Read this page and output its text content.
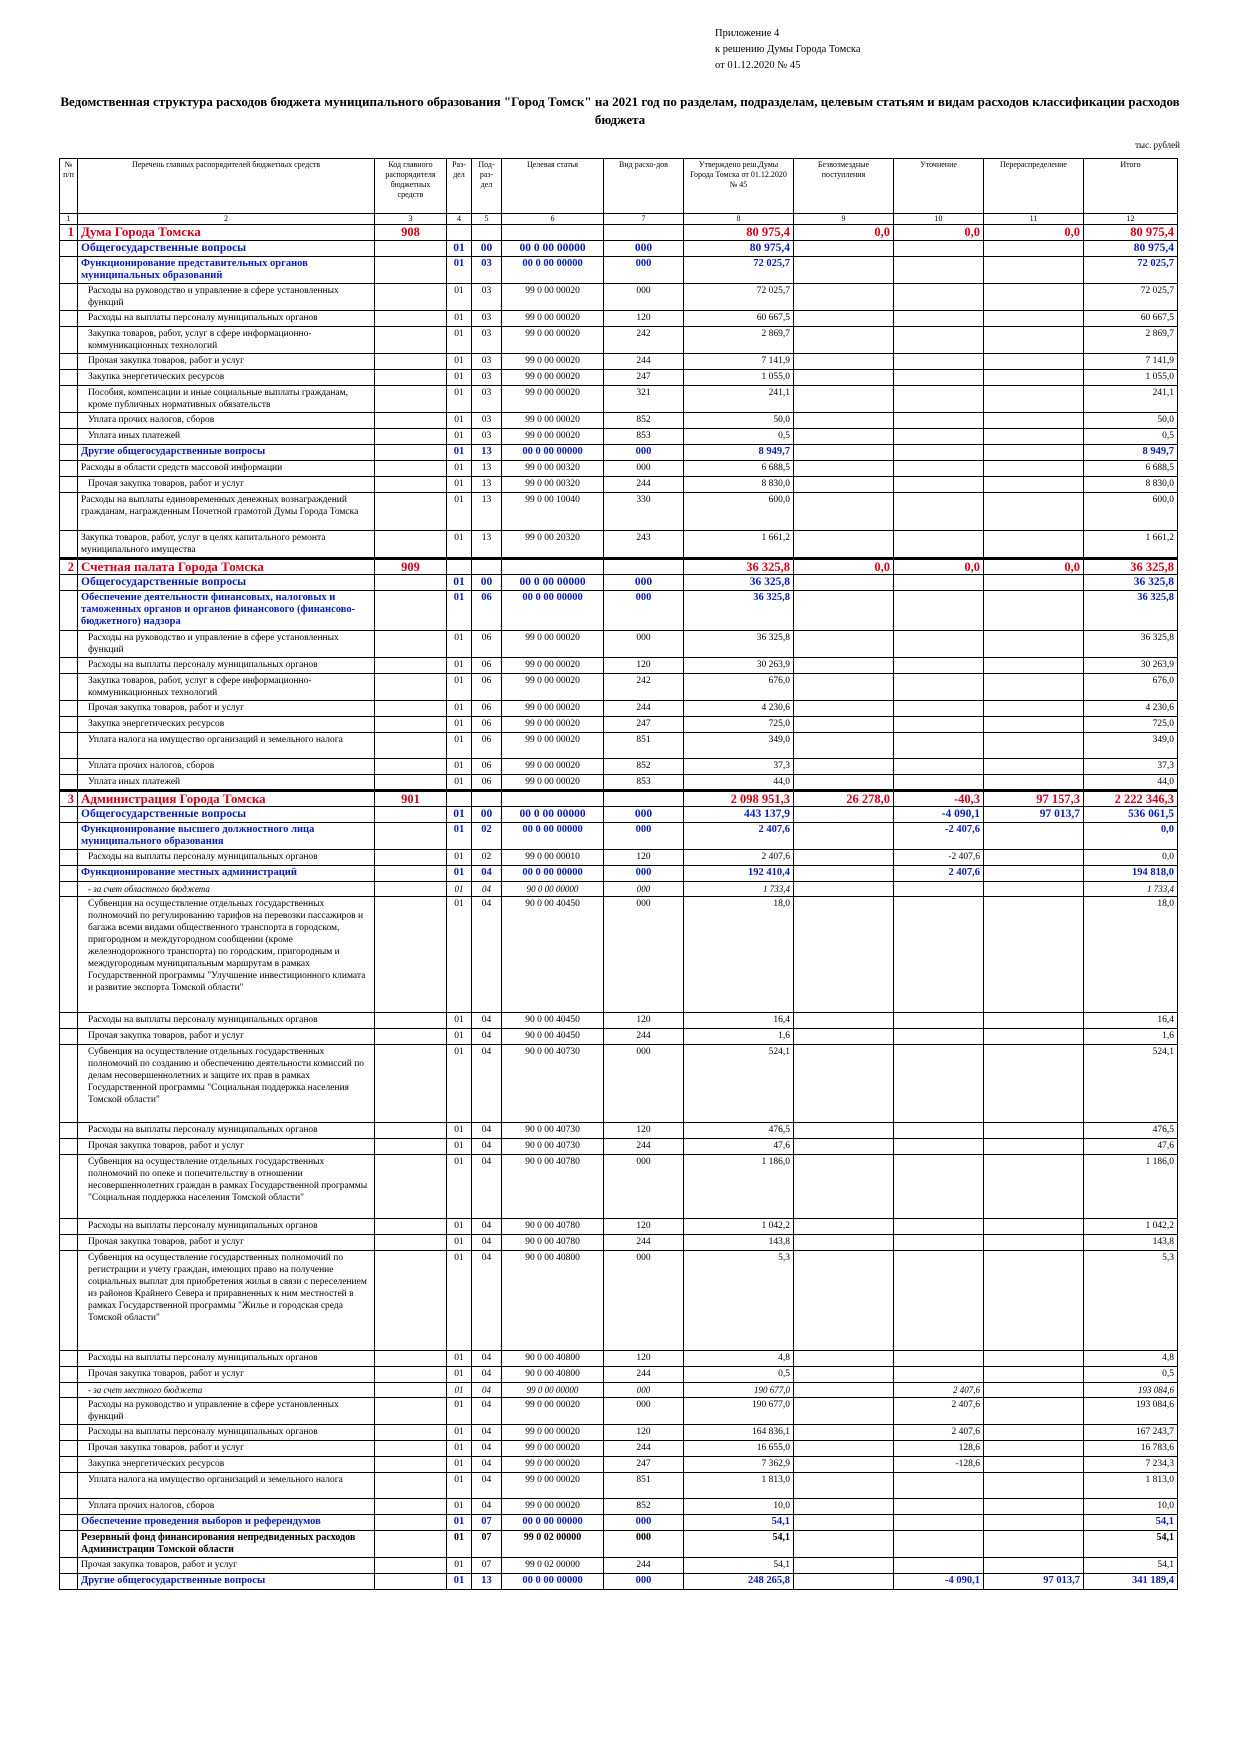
Приложение 4
к решению Думы Города Томска
от 01.12.2020 № 45
Ведомственная структура расходов бюджета муниципального образования "Город Томск" на 2021 год по разделам, подразделам, целевым статьям и видам расходов классификации расходов бюджета
тыс. рублей
№ п/п	Перечень главных распорядителей бюджетных средств	Код главного распорядителя бюджетных средств	Раз-дел	Под-раз-дел	Целевая статья	Вид расхо-дов	Утверждено реш.Думы Города Томска от 01.12.2020 № 45	Безвозмездные поступления	Уточнение	Перераспределение	Итого
1	2	3	4	5	6	7	8	9	10	11	12
1	Дума Города Томска	908					80 975,4	0,0	0,0	0,0	80 975,4
	Общегосударственные вопросы		01	00	00 0 00 00000	000	80 975,4				80 975,4
	Функционирование представительных органов муниципальных образований		01	03	00 0 00 00000	000	72 025,7				72 025,7
	Расходы на руководство и управление в сфере установленных функций		01	03	99 0 00 00020	000	72 025,7				72 025,7
	Расходы на выплаты персоналу муниципальных органов		01	03	99 0 00 00020	120	60 667,5				60 667,5
	Закупка товаров, работ, услуг в сфере информационно-коммуникационных технологий		01	03	99 0 00 00020	242	2 869,7				2 869,7
	Прочая закупка товаров, работ и услуг		01	03	99 0 00 00020	244	7 141,9				7 141,9
	Закупка энергетических ресурсов		01	03	99 0 00 00020	247	1 055,0				1 055,0
	Пособия, компенсации и иные социальные выплаты гражданам, кроме публичных нормативных обязательств		01	03	99 0 00 00020	321	241,1				241,1
	Уплата прочих налогов, сборов		01	03	99 0 00 00020	852	50,0				50,0
	Уплата иных платежей		01	03	99 0 00 00020	853	0,5				0,5
	Другие общегосударственные вопросы		01	13	00 0 00 00000	000	8 949,7				8 949,7
	Расходы в области средств массовой информации		01	13	99 0 00 00320	000	6 688,5				6 688,5
	Прочая закупка товаров, работ и услуг		01	13	99 0 00 00320	244	8 830,0				8 830,0
	Расходы на выплаты единовременных денежных вознаграждений гражданам, награжденным Почетной грамотой Думы Города Томска		01	13	99 0 00 10040	330	600,0				600,0
	Закупка товаров, работ, услуг в целях капитального ремонта муниципального имущества		01	13	99 0 00 20320	243	1 661,2				1 661,2
2	Счетная палата Города Томска	909					36 325,8	0,0	0,0	0,0	36 325,8
	Общегосударственные вопросы		01	00	00 0 00 00000	000	36 325,8				36 325,8
	Обеспечение деятельности финансовых, налоговых и таможенных органов и органов финансового (финансово-бюджетного) надзора		01	06	00 0 00 00000	000	36 325,8				36 325,8
	Расходы на руководство и управление в сфере установленных функций		01	06	99 0 00 00020	000	36 325,8				36 325,8
	Расходы на выплаты персоналу муниципальных органов		01	06	99 0 00 00020	120	30 263,9				30 263,9
	Закупка товаров, работ, услуг в сфере информационно-коммуникационных технологий		01	06	99 0 00 00020	242	676,0				676,0
	Прочая закупка товаров, работ и услуг		01	06	99 0 00 00020	244	4 230,6				4 230,6
	Закупка энергетических ресурсов		01	06	99 0 00 00020	247	725,0				725,0
	Уплата налога на имущество организаций и земельного налога		01	06	99 0 00 00020	851	349,0				349,0
	Уплата прочих налогов, сборов		01	06	99 0 00 00020	852	37,3				37,3
	Уплата иных платежей		01	06	99 0 00 00020	853	44,0				44,0
3	Администрация Города Томска	901					2 098 951,3	26 278,0	-40,3	97 157,3	2 222 346,3
	Общегосударственные вопросы		01	00	00 0 00 00000	000	443 137,9		-4 090,1	97 013,7	536 061,5
	Функционирование высшего должностного лица муниципального образования		01	02	00 0 00 00000	000	2 407,6		-2 407,6		0,0
	Расходы на выплаты персоналу муниципальных органов		01	02	99 0 00 00010	120	2 407,6		-2 407,6		0,0
	Функционирование местных администраций		01	04	00 0 00 00000	000	192 410,4		2 407,6		194 818,0
	- за счет областного бюджета		01	04	90 0 00 00000	000	1 733,4				1 733,4
	Субвенция на осуществление отдельных государственных полномочий по регулированию тарифов на перевозки пассажиров и багажа всеми видами общественного транспорта в городском, пригородном и междугородном сообщении (кроме железнодорожного транспорта) по городским, пригородным и междугородным муниципальным маршрутам в рамках Государственной программы "Улучшение инвестиционного климата и развитие экспорта Томской области"		01	04	90 0 00 40450	000	18,0				18,0
	Расходы на выплаты персоналу муниципальных органов		01	04	90 0 00 40450	120	16,4				16,4
	Прочая закупка товаров, работ и услуг		01	04	90 0 00 40450	244	1,6				1,6
	Субвенция на осуществление отдельных государственных полномочий по созданию и обеспечению деятельности комиссий по делам несовершеннолетних и защите их прав в рамках Государственной программы "Социальная поддержка населения Томской области"		01	04	90 0 00 40730	000	524,1				524,1
	Расходы на выплаты персоналу муниципальных органов		01	04	90 0 00 40730	120	476,5				476,5
	Прочая закупка товаров, работ и услуг		01	04	90 0 00 40730	244	47,6				47,6
	Субвенция на осуществление отдельных государственных полномочий по опеке и попечительству в отношении несовершеннолетних граждан в рамках Государственной программы "Социальная поддержка населения Томской области"		01	04	90 0 00 40780	000	1 186,0				1 186,0
	Расходы на выплаты персоналу муниципальных органов		01	04	90 0 00 40780	120	1 042,2				1 042,2
	Прочая закупка товаров, работ и услуг		01	04	90 0 00 40780	244	143,8				143,8
	Субвенция на осуществление государственных полномочий по регистрации и учету граждан, имеющих право на получение социальных выплат для приобретения жилья в связи с переселением из районов Крайнего Севера и приравненных к ним местностей в рамках Государственной программы "Жилье и городская среда Томской области"		01	04	90 0 00 40800	000	5,3				5,3
	Расходы на выплаты персоналу муниципальных органов		01	04	90 0 00 40800	120	4,8				4,8
	Прочая закупка товаров, работ и услуг		01	04	90 0 00 40800	244	0,5				0,5
	- за счет местного бюджета		01	04	99 0 00 00000	000	190 677,0		2 407,6		193 084,6
	Расходы на руководство и управление в сфере установленных функций		01	04	99 0 00 00020	000	190 677,0		2 407,6		193 084,6
	Расходы на выплаты персоналу муниципальных органов		01	04	99 0 00 00020	120	164 836,1		2 407,6		167 243,7
	Прочая закупка товаров, работ и услуг		01	04	99 0 00 00020	244	16 655,0		128,6		16 783,6
	Закупка энергетических ресурсов		01	04	99 0 00 00020	247	7 362,9		-128,6		7 234,3
	Уплата налога на имущество организаций и земельного налога		01	04	99 0 00 00020	851	1 813,0				1 813,0
	Уплата прочих налогов, сборов		01	04	99 0 00 00020	852	10,0				10,0
	Обеспечение проведения выборов и референдумов		01	07	00 0 00 00000	000	54,1				54,1
	Резервный фонд финансирования непредвиденных расходов Администрации Томской области		01	07	99 0 02 00000	000	54,1				54,1
	Прочая закупка товаров, работ и услуг		01	07	99 0 02 00000	244	54,1				54,1
	Другие общегосударственные вопросы		01	13	00 0 00 00000	000	248 265,8		-4 090,1	97 013,7	341 189,4
